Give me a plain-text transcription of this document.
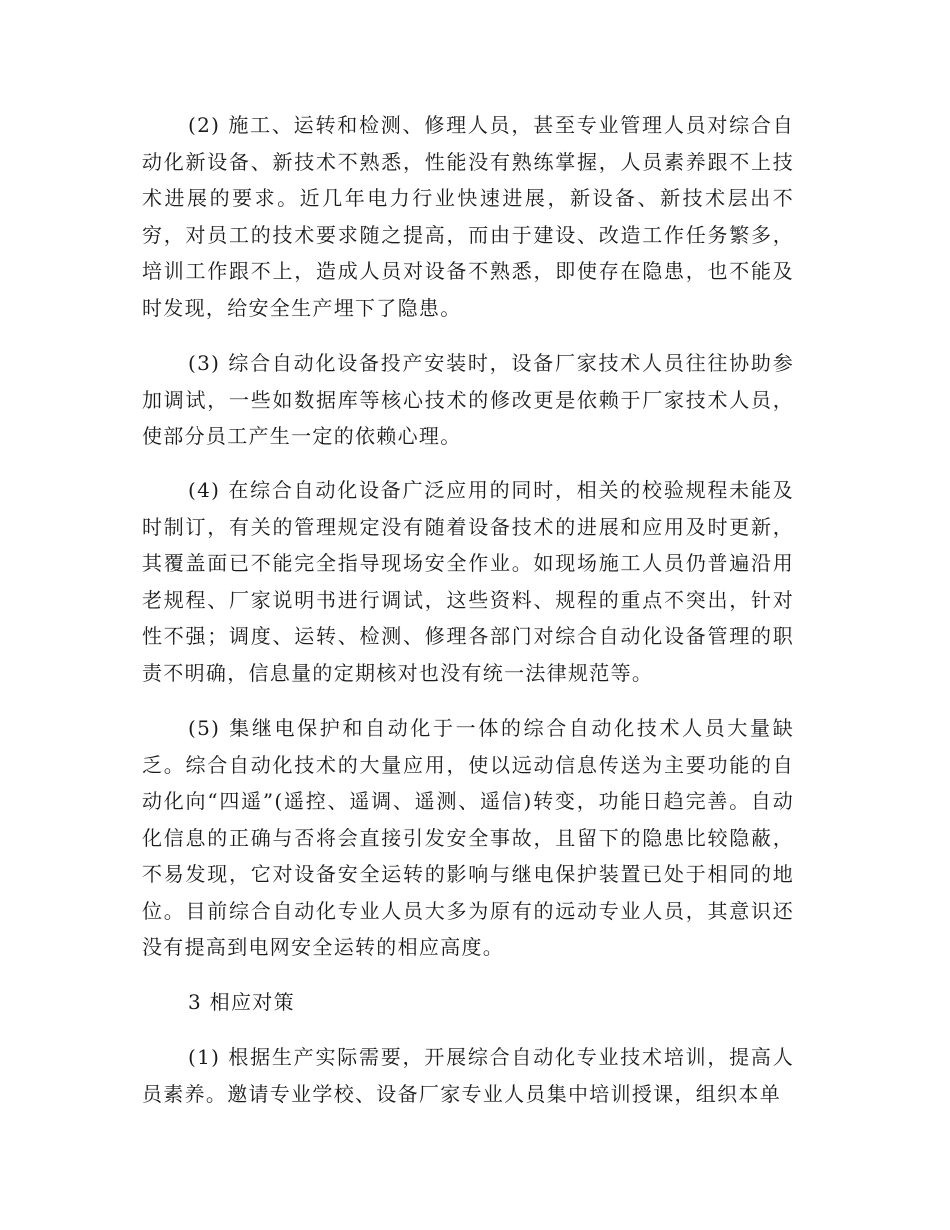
(2) 施工、运转和检测、修理人员，甚至专业管理人员对综合自动化新设备、新技术不熟悉，性能没有熟练掌握，人员素养跟不上技术进展的要求。近几年电力行业快速进展，新设备、新技术层出不穷，对员工的技术要求随之提高，而由于建设、改造工作任务繁多，培训工作跟不上，造成人员对设备不熟悉，即使存在隐患，也不能及时发现，给安全生产埋下了隐患。

(3) 综合自动化设备投产安装时，设备厂家技术人员往往协助参加调试，一些如数据库等核心技术的修改更是依赖于厂家技术人员，使部分员工产生一定的依赖心理。

(4) 在综合自动化设备广泛应用的同时，相关的校验规程未能及时制订，有关的管理规定没有随着设备技术的进展和应用及时更新，其覆盖面已不能完全指导现场安全作业。如现场施工人员仍普遍沿用老规程、厂家说明书进行调试，这些资料、规程的重点不突出，针对性不强；调度、运转、检测、修理各部门对综合自动化设备管理的职责不明确，信息量的定期核对也没有统一法律规范等。

(5) 集继电保护和自动化于一体的综合自动化技术人员大量缺乏。综合自动化技术的大量应用，使以远动信息传送为主要功能的自动化向“四遥”(遥控、遥调、遥测、遥信)转变，功能日趋完善。自动化信息的正确与否将会直接引发安全事故，且留下的隐患比较隐蔽，不易发现，它对设备安全运转的影响与继电保护装置已处于相同的地位。目前综合自动化专业人员大多为原有的远动专业人员，其意识还没有提高到电网安全运转的相应高度。

3 相应对策

(1) 根据生产实际需要，开展综合自动化专业技术培训，提高人员素养。邀请专业学校、设备厂家专业人员集中培训授课，组织本单
